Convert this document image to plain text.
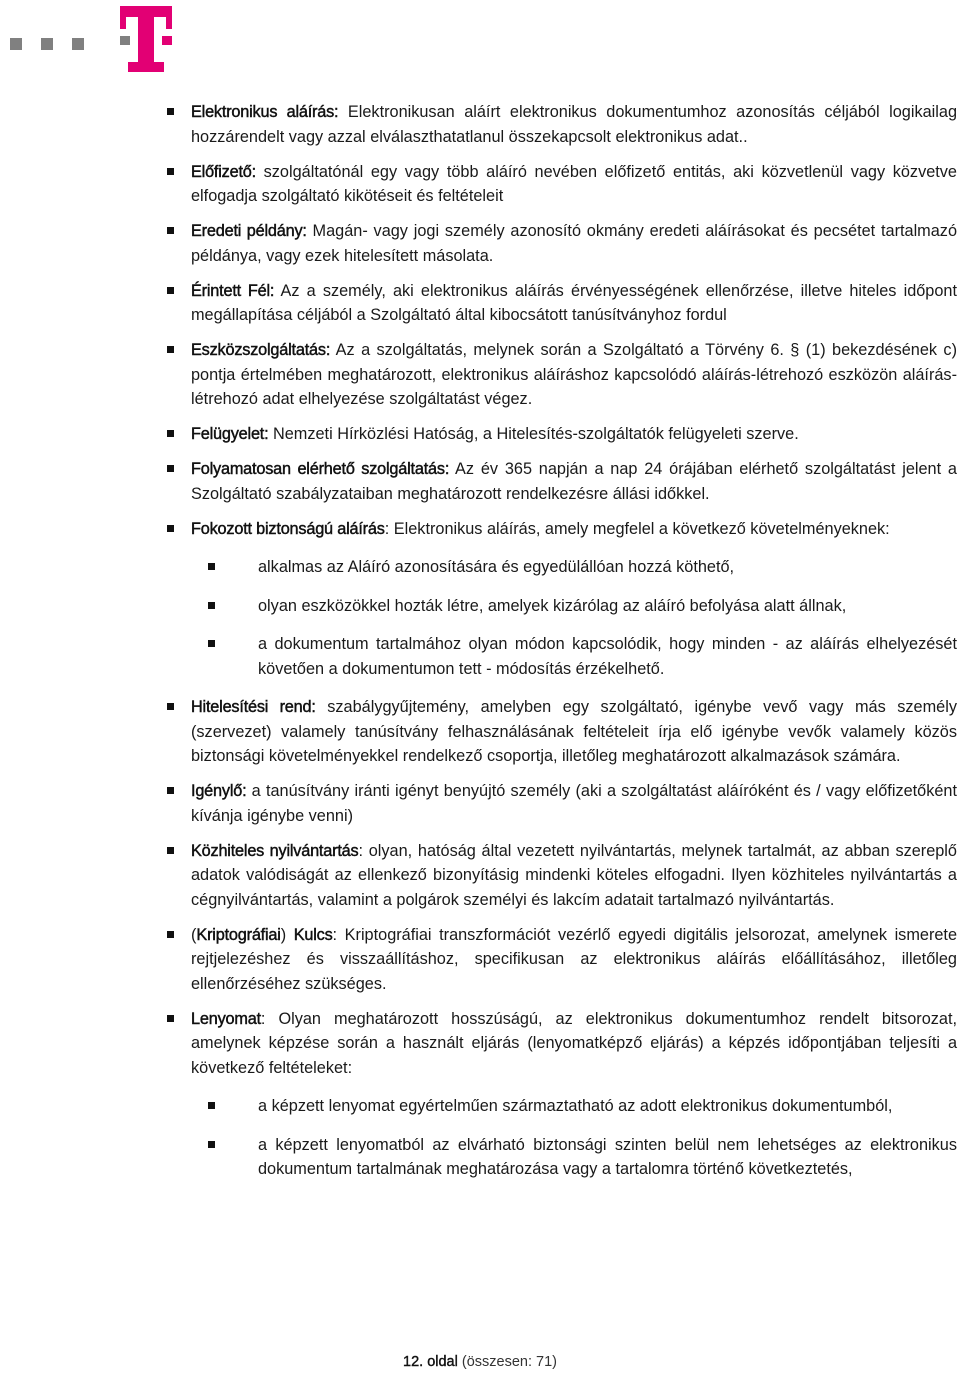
Elektronikus aláírás: Elektronikusan aláírt elektronikus dokumentumhoz azonosítás céljából logikailag hozzárendelt vagy azzal elválaszthatatlanul összekapcsolt elektronikus adat..
Előfizető: szolgáltatónál egy vagy több aláíró nevében előfizető entitás, aki közvetlenül vagy közvetve elfogadja szolgáltató kikötéseit és feltételeit
Eredeti példány: Magán- vagy jogi személy azonosító okmány eredeti aláírásokat és pecsétet tartalmazó példánya, vagy ezek hitelesített másolata.
Érintett Fél: Az a személy, aki elektronikus aláírás érvényességének ellenőrzése, illetve hiteles időpont megállapítása céljából a Szolgáltató által kibocsátott tanúsítványhoz fordul
Eszközszolgáltatás: Az a szolgáltatás, melynek során a Szolgáltató a Törvény 6. § (1) bekezdésének c) pontja értelmében meghatározott, elektronikus aláíráshoz kapcsolódó aláírás-létrehozó eszközön aláírás-létrehozó adat elhelyezése szolgáltatást végez.
Felügyelet: Nemzeti Hírközlési Hatóság, a Hitelesítés-szolgáltatók felügyeleti szerve.
Folyamatosan elérhető szolgáltatás: Az év 365 napján a nap 24 órájában elérhető szolgáltatást jelent a Szolgáltató szabályzataiban meghatározott rendelkezésre állási időkkel.
Fokozott biztonságú aláírás: Elektronikus aláírás, amely megfelel a következő követelményeknek:
alkalmas az Aláíró azonosítására és egyedülállóan hozzá köthető,
olyan eszközökkel hozták létre, amelyek kizárólag az aláíró befolyása alatt állnak,
a dokumentum tartalmához olyan módon kapcsolódik, hogy minden - az aláírás elhelyezését követően a dokumentumon tett - módosítás érzékelhető.
Hitelesítési rend: szabálygyűjtemény, amelyben egy szolgáltató, igénybe vevő vagy más személy (szervezet) valamely tanúsítvány felhasználásának feltételeit írja elő igénybe vevők valamely közös biztonsági követelményekkel rendelkező csoportja, illetőleg meghatározott alkalmazások számára.
Igénylő: a tanúsítvány iránti igényt benyújtó személy (aki a szolgáltatást aláíróként és / vagy előfizetőként kívánja igénybe venni)
Közhiteles nyilvántartás: olyan, hatóság által vezetett nyilvántartás, melynek tartalmát, az abban szereplő adatok valódiságát az ellenkező bizonyításig mindenki köteles elfogadni. Ilyen közhiteles nyilvántartás a cégnyilvántartás, valamint a polgárok személyi és lakcím adatait tartalmazó nyilvántartás.
(Kriptográfiai) Kulcs: Kriptográfiai transzformációt vezérlő egyedi digitális jelsorozat, amelynek ismerete rejtjelezéshez és visszaállításhoz, specifikusan az elektronikus aláírás előállításához, illetőleg ellenőrzéséhez szükséges.
Lenyomat: Olyan meghatározott hosszúságú, az elektronikus dokumentumhoz rendelt bitsorozat, amelynek képzése során a használt eljárás (lenyomatképző eljárás) a képzés időpontjában teljesíti a következő feltételeket:
a képzett lenyomat egyértelműen származtatható az adott elektronikus dokumentumból,
a képzett lenyomatból az elvárható biztonsági szinten belül nem lehetséges az elektronikus dokumentum tartalmának meghatározása vagy a tartalomra történő következtetés,
12. oldal (összesen: 71)
